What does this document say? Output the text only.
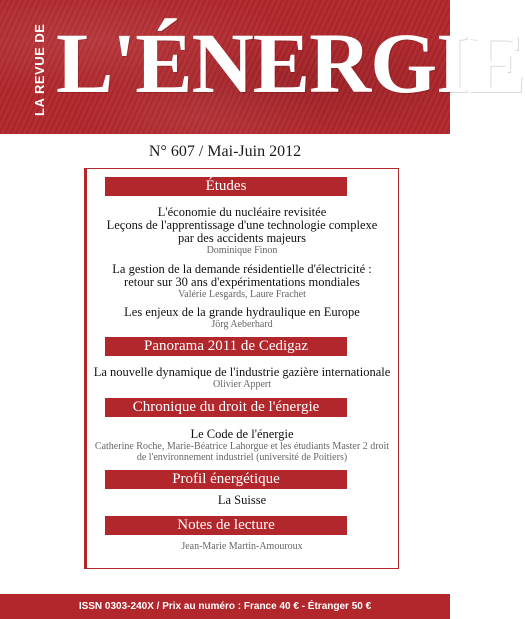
LA REVUE DE L'ÉNERGIE
N° 607 / Mai-Juin 2012
Études
L'économie du nucléaire revisitée
Leçons de l'apprentissage d'une technologie complexe
par des accidents majeurs
Dominique Finon
La gestion de la demande résidentielle d'électricité :
retour sur 30 ans d'expérimentations mondiales
Valérie Lesgards, Laure Frachet
Les enjeux de la grande hydraulique en Europe
Jörg Aeberhard
Panorama 2011 de Cedigaz
La nouvelle dynamique de l'industrie gazière internationale
Olivier Appert
Chronique du droit de l'énergie
Le Code de l'énergie
Catherine Roche, Marie-Béatrice Lahorgue et les étudiants Master 2 droit
de l'environnement industriel (université de Poitiers)
Profil énergétique
La Suisse
Notes de lecture
Jean-Marie Martin-Amouroux
ISSN 0303-240X / Prix au numéro : France 40 € - Étranger 50 €
